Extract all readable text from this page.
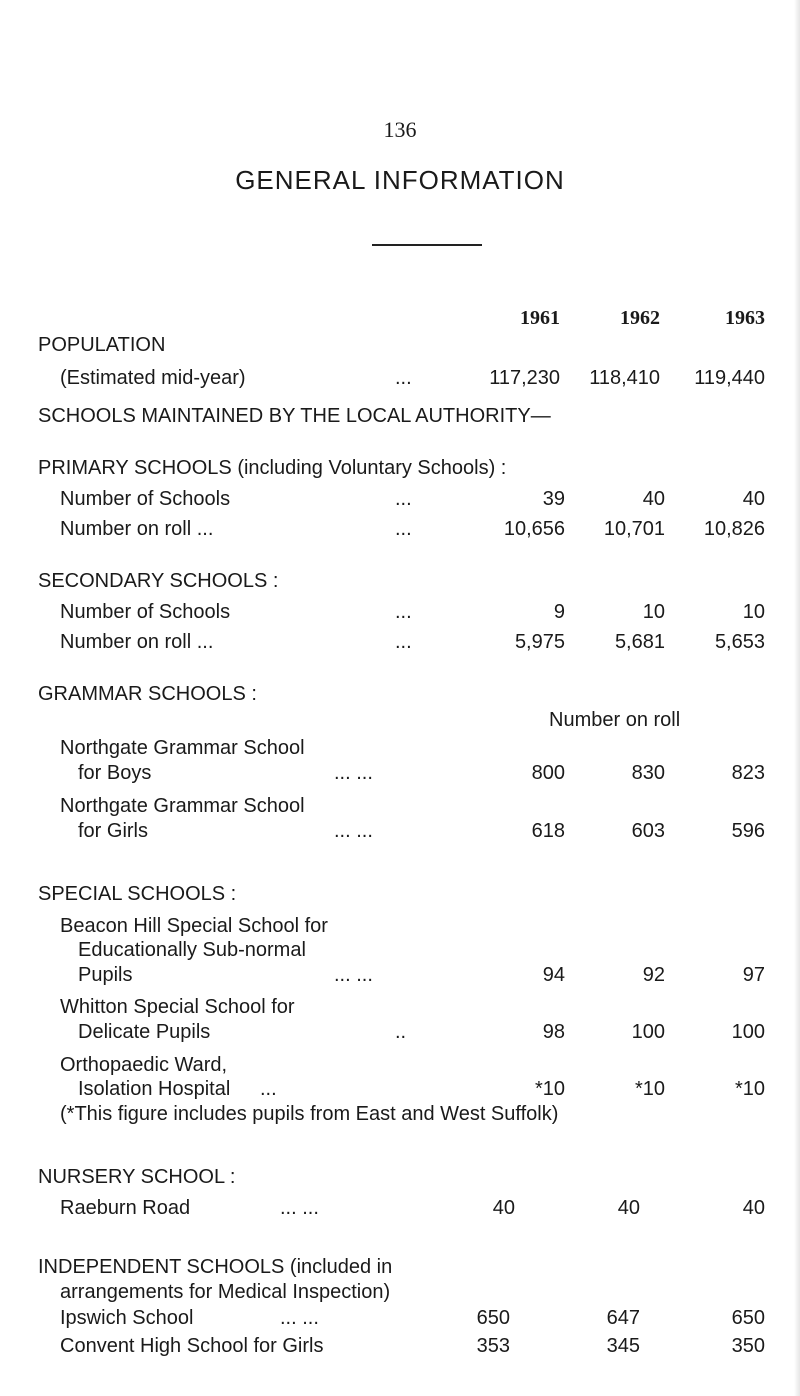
136
GENERAL INFORMATION
1961	1962	1963
POPULATION
(Estimated mid-year)	...	117,230	118,410	119,440
SCHOOLS MAINTAINED BY THE LOCAL AUTHORITY—
PRIMARY SCHOOLS (including Voluntary Schools) :
Number of Schools	...	39	40	40
Number on roll ...	...	10,656	10,701	10,826
SECONDARY SCHOOLS :
Number of Schools	...	9	10	10
Number on roll ...	...	5,975	5,681	5,653
GRAMMAR SCHOOLS :
Number on roll
Northgate Grammar School
for Boys	... ...	800	830	823
Northgate Grammar School
for Girls	... ...	618	603	596
SPECIAL SCHOOLS :
Beacon Hill Special School for
Educationally Sub-normal
Pupils	... ...	94	92	97
Whitton Special School for
Delicate Pupils	..	98	100	100
Orthopaedic Ward,
Isolation Hospital ...	*10	*10	*10
(*This figure includes pupils from East and West Suffolk)
NURSERY SCHOOL :
Raeburn Road	... ...	40	40	40
INDEPENDENT SCHOOLS (included in
arrangements for Medical Inspection)
Ipswich School	... ...	650	647	650
Convent High School for Girls	353	345	350
